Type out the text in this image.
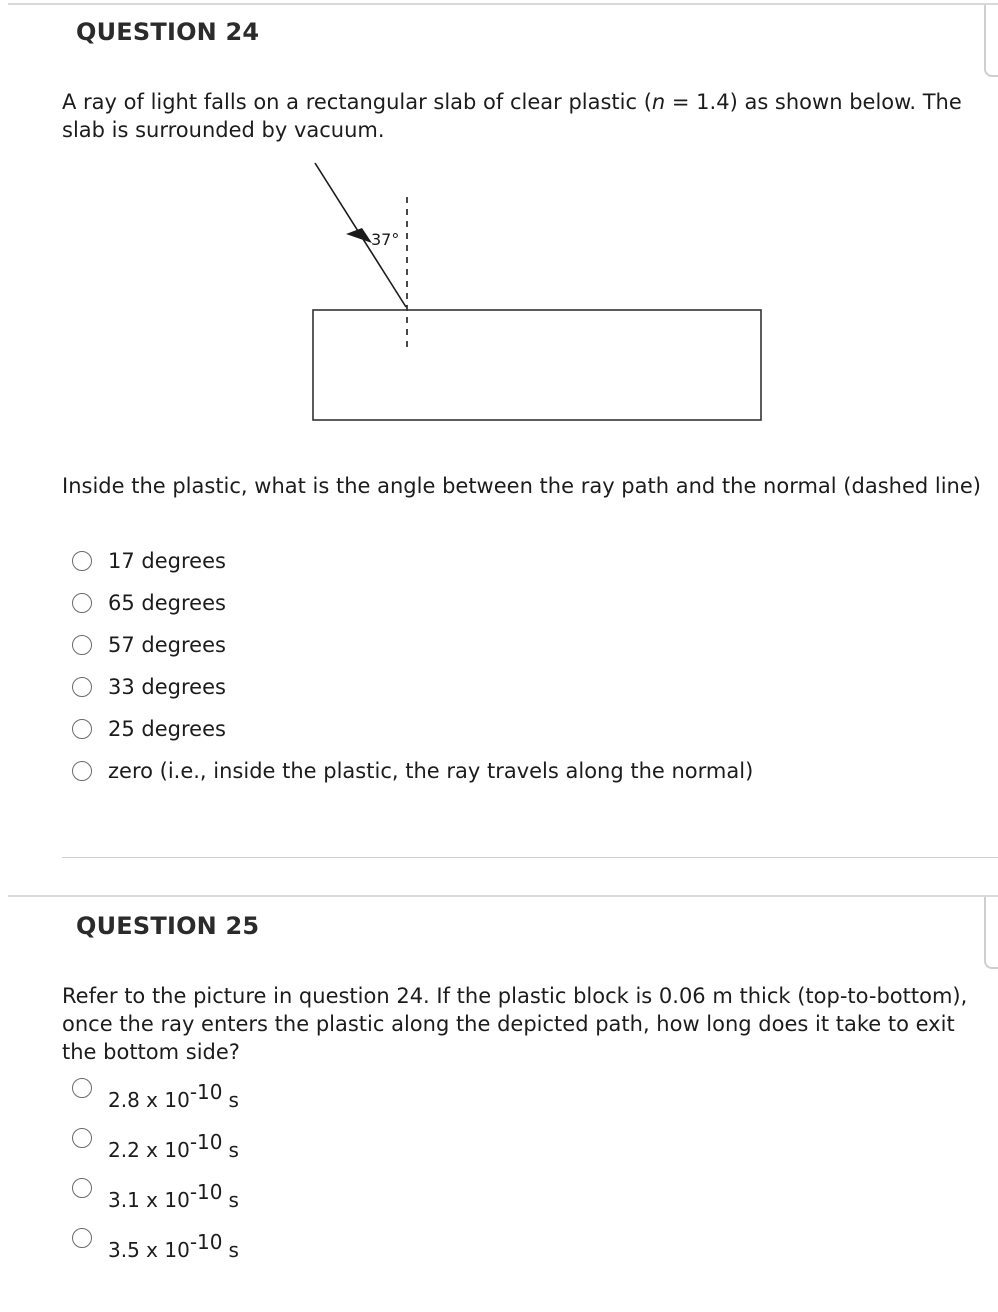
QUESTION 24
A ray of light falls on a rectangular slab of clear plastic (n = 1.4) as shown below. The
slab is surrounded by vacuum.
37°
Inside the plastic, what is the angle between the ray path and the normal (dashed line)
17 degrees
65 degrees
57 degrees
33 degrees
25 degrees
zero (i.e., inside the plastic, the ray travels along the normal)
QUESTION 25
Refer to the picture in question 24. If the plastic block is 0.06 m thick (top-to-bottom),
once the ray enters the plastic along the depicted path, how long does it take to exit
the bottom side?
2.8 x $10^{-10}$ s
2.2 x $10^{-10}$ s
3.1 x $10^{-10}$ s
3.5 x $10^{-10}$ s
